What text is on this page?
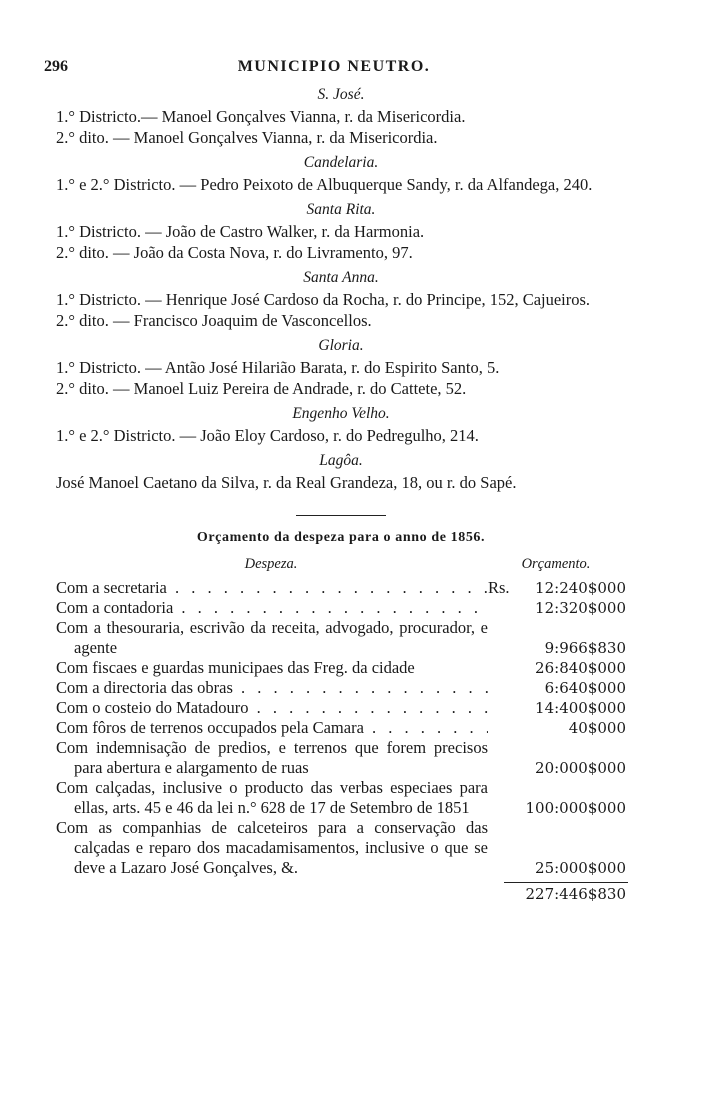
296	MUNICIPIO NEUTRO.
S. José.
1.° Districto.— Manoel Gonçalves Vianna, r. da Misericordia.
2.° dito. — Manoel Gonçalves Vianna, r. da Misericordia.
Candelaria.
1.° e 2.° Districto. — Pedro Peixoto de Albuquerque Sandy, r. da Alfandega, 240.
Santa Rita.
1.° Districto. — João de Castro Walker, r. da Harmonia.
2.° dito. — João da Costa Nova, r. do Livramento, 97.
Santa Anna.
1.° Districto. — Henrique José Cardoso da Rocha, r. do Principe, 152, Cajueiros.
2.° dito. — Francisco Joaquim de Vasconcellos.
Gloria.
1.° Districto. — Antão José Hilarião Barata, r. do Espirito Santo, 5.
2.° dito. — Manoel Luiz Pereira de Andrade, r. do Cattete, 52.
Engenho Velho.
1.° e 2.° Districto. — João Eloy Cardoso, r. do Pedregulho, 214.
Lagôa.
José Manoel Caetano da Silva, r. da Real Grandeza, 18, ou r. do Sapé.
Orçamento da despeza para o anno de 1856.
Despeza.	Orçamento.
Com a secretaria . . .	Rs.	12:240$000
Com a contadoria . . .	12:320$000
Com a thesouraria, escrivão da receita, advogado, procurador, e agente	9:966$830
Com fiscaes e guardas municipaes das Freg. da cidade	26:840$000
Com a directoria das obras . . .	6:640$000
Com o costeio do Matadouro . . .	14:400$000
Com fôros de terrenos occupados pela Camara . . .	40$000
Com indemnisação de predios, e terrenos que forem precisos para abertura e alargamento de ruas	20:000$000
Com calçadas, inclusive o producto das verbas especiaes para ellas, arts. 45 e 46 da lei n.° 628 de 17 de Setembro de 1851	100:000$000
Com as companhias de calceteiros para a conservação das calçadas e reparo dos macadamisamentos, inclusive o que se deve a Lazaro José Gonçalves, &.	25:000$000
227:446$830
